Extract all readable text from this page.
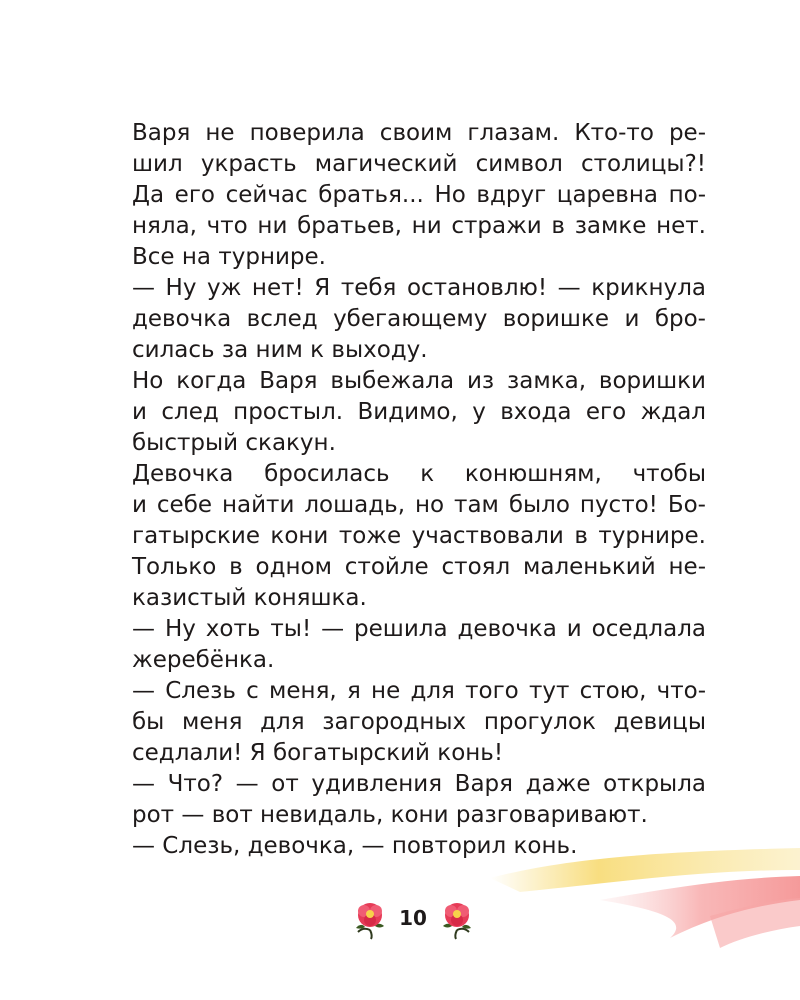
Варя не поверила своим глазам. Кто-то ре-
шил украсть магический символ столицы?!
Да его сейчас братья... Но вдруг царевна по-
няла, что ни братьев, ни стражи в замке нет.
Все на турнире.
— Ну уж нет! Я тебя остановлю! — крикнула
девочка вслед убегающему воришке и бро-
силась за ним к выходу.
Но когда Варя выбежала из замка, воришки
и след простыл. Видимо, у входа его ждал
быстрый скакун.
Девочка бросилась к конюшням, чтобы
и себе найти лошадь, но там было пусто! Бо-
гатырские кони тоже участвовали в турнире.
Только в одном стойле стоял маленький не-
казистый коняшка.
— Ну хоть ты! — решила девочка и оседлала
жеребёнка.
— Слезь с меня, я не для того тут стою, что-
бы меня для загородных прогулок девицы
седлали! Я богатырский конь!
— Что? — от удивления Варя даже открыла
рот — вот невидаль, кони разговаривают.
— Слезь, девочка, — повторил конь.
10
